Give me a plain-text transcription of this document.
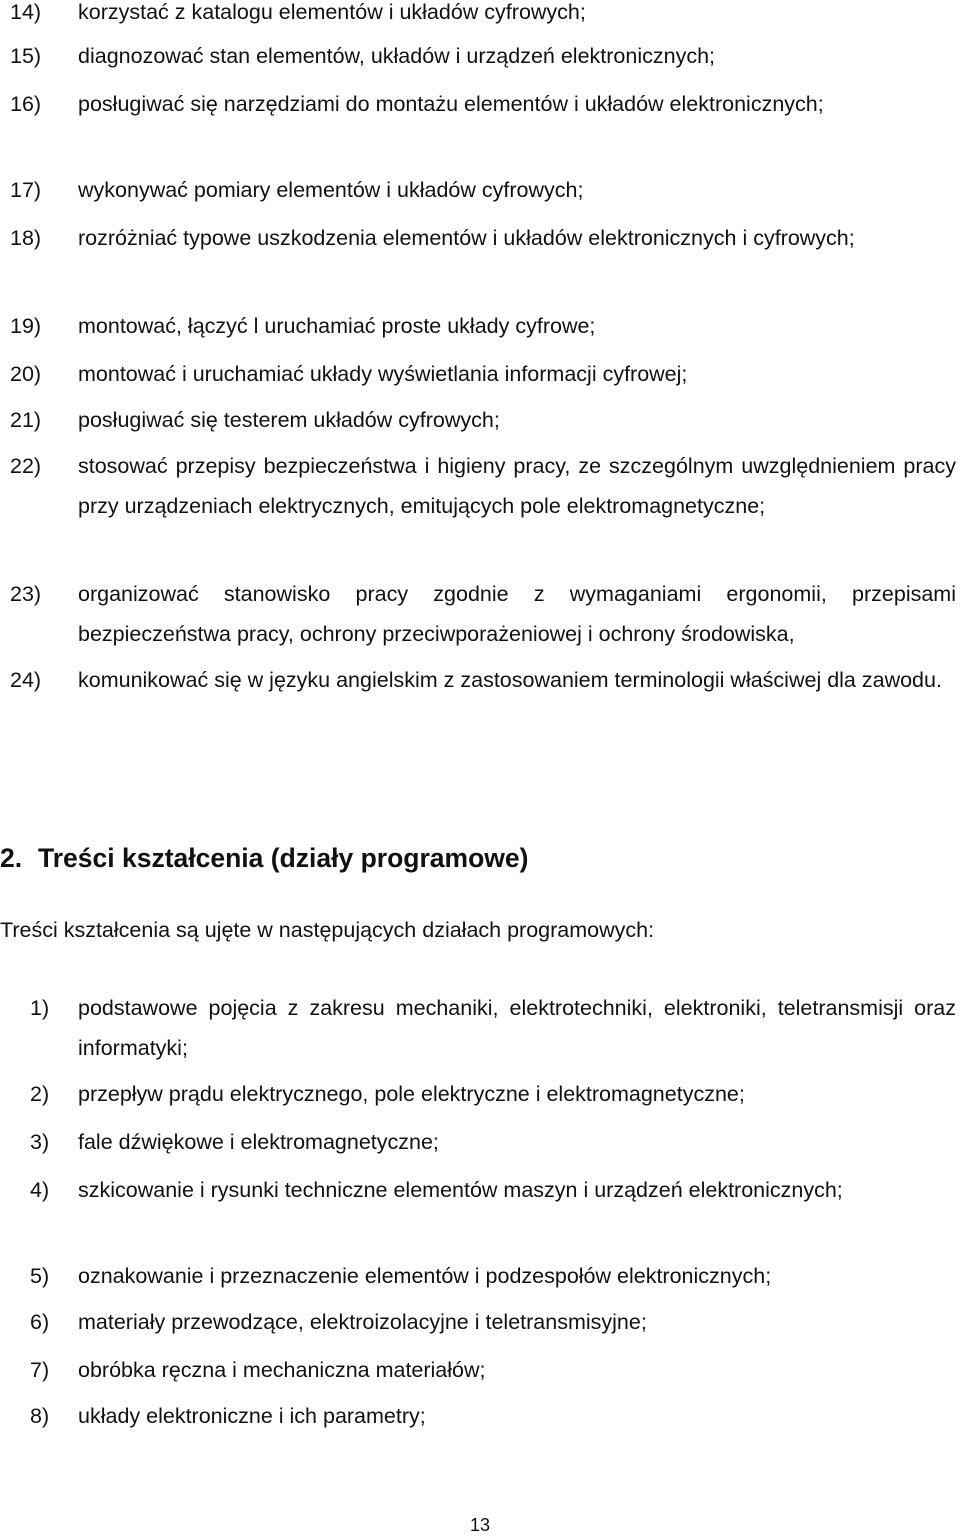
14)	korzystać z katalogu elementów i układów cyfrowych;
15)	diagnozować stan elementów, układów i urządzeń elektronicznych;
16)	posługiwać się narzędziami do montażu elementów i układów elektronicznych;
17)	wykonywać pomiary elementów i układów cyfrowych;
18)	rozróżniać typowe uszkodzenia elementów i układów elektronicznych i cyfrowych;
19)	montować, łączyć l uruchamiać proste układy cyfrowe;
20)	montować i uruchamiać układy wyświetlania informacji cyfrowej;
21)	posługiwać się testerem układów cyfrowych;
22)	stosować przepisy bezpieczeństwa i higieny pracy, ze szczególnym uwzględnieniem pracy przy urządzeniach elektrycznych, emitujących pole elektromagnetyczne;
23)	organizować stanowisko pracy zgodnie z wymaganiami ergonomii, przepisami bezpieczeństwa pracy, ochrony przeciwporażeniowej i ochrony środowiska,
24)	komunikować się w języku angielskim z zastosowaniem terminologii właściwej dla zawodu.
2. Treści kształcenia (działy programowe)
Treści kształcenia są ujęte w następujących działach programowych:
1)	podstawowe pojęcia z zakresu mechaniki, elektrotechniki, elektroniki, teletransmisji oraz informatyki;
2)	przepływ prądu elektrycznego, pole elektryczne i elektromagnetyczne;
3)	fale dźwiękowe i elektromagnetyczne;
4)	szkicowanie i rysunki techniczne elementów maszyn i urządzeń elektronicznych;
5)	oznakowanie i przeznaczenie elementów i podzespołów elektronicznych;
6)	materiały przewodzące, elektroizolacyjne i teletransmisyjne;
7)	obróbka ręczna i mechaniczna materiałów;
8)	układy elektroniczne i ich parametry;
13
